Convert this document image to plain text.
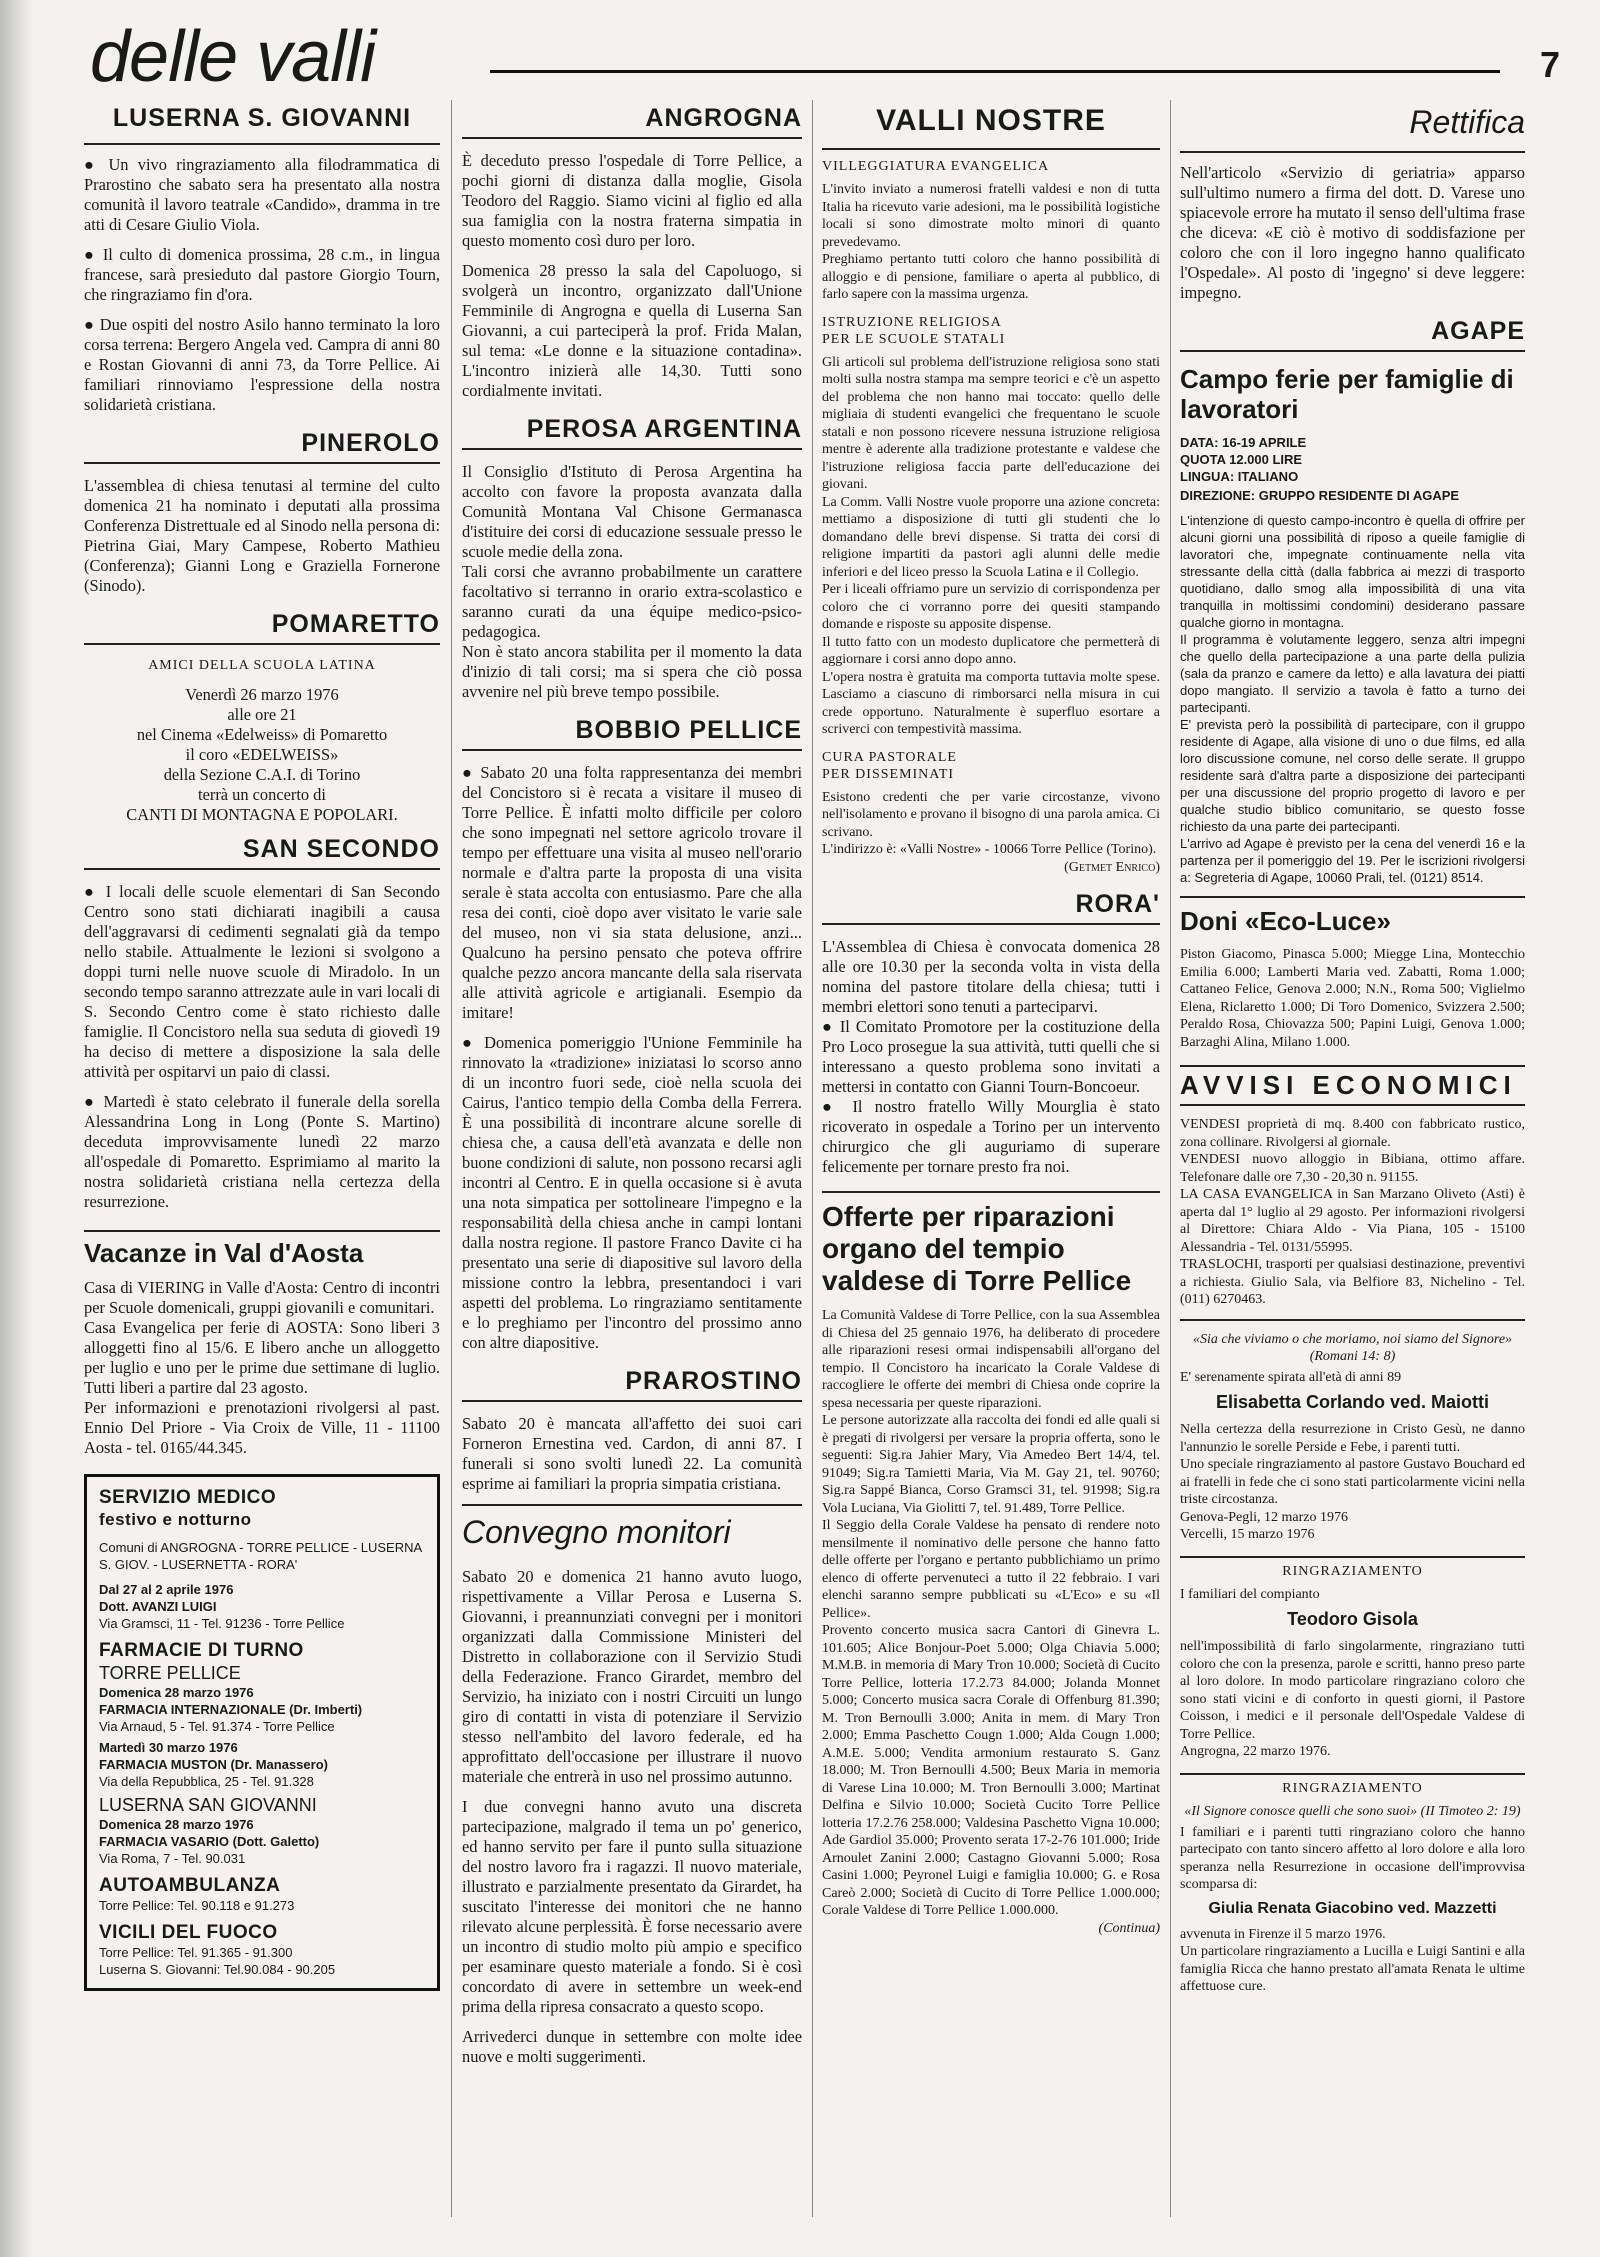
delle valli	7
LUSERNA S. GIOVANNI

● Un vivo ringraziamento alla filodrammatica di Prarostino che sabato sera ha presentato alla nostra comunità il lavoro teatrale «Candido», dramma in tre atti di Cesare Giulio Viola.

● Il culto di domenica prossima, 28 c.m., in lingua francese, sarà presieduto dal pastore Giorgio Tourn, che ringraziamo fin d'ora.

● Due ospiti del nostro Asilo hanno terminato la loro corsa terrena: Bergero Angela ved. Campra di anni 80 e Rostan Giovanni di anni 73, da Torre Pellice. Ai familiari rinnoviamo l'espressione della nostra solidarietà cristiana.

PINEROLO

L'assemblea di chiesa tenutasi al termine del culto domenica 21 ha nominato i deputati alla prossima Conferenza Distrettuale ed al Sinodo nella persona di: Pietrina Giai, Mary Campese, Roberto Mathieu (Conferenza); Gianni Long e Graziella Fornerone (Sinodo).

POMARETTO

AMICI DELLA SCUOLA LATINA

Venerdì 26 marzo 1976

alle ore 21

nel Cinema «Edelweiss» di Pomaretto

il coro «EDELWEISS»

della Sezione C.A.I. di Torino

terrà un concerto di

CANTI DI MONTAGNA E POPOLARI.

SAN SECONDO

● I locali delle scuole elementari di San Secondo Centro sono stati dichiarati inagibili a causa dell'aggravarsi di cedimenti segnalati già da tempo nello stabile. Attualmente le lezioni si svolgono a doppi turni nelle nuove scuole di Miradolo. In un secondo tempo saranno attrezzate aule in vari locali di S. Secondo Centro come è stato richiesto dalle famiglie. Il Concistoro nella sua seduta di giovedì 19 ha deciso di mettere a disposizione la sala delle attività per ospitarvi un paio di classi.

● Martedì è stato celebrato il funerale della sorella Alessandrina Long in Long (Ponte S. Martino) deceduta improvvisamente lunedì 22 marzo all'ospedale di Pomaretto. Esprimiamo al marito la nostra solidarietà cristiana nella certezza della resurrezione.

Vacanze in Val d'Aosta

Casa di VIERING in Valle d'Aosta: Centro di incontri per Scuole domenicali, gruppi giovanili e comunitari.

Casa Evangelica per ferie di AOSTA: Sono liberi 3 alloggetti fino al 15/6. E libero anche un alloggetto per luglio e uno per le prime due settimane di luglio. Tutti liberi a partire dal 23 agosto.

Per informazioni e prenotazioni rivolgersi al past. Ennio Del Priore - Via Croix de Ville, 11 - 11100 Aosta - tel. 0165/44.345.

SERVIZIO MEDICO
festivo e notturno
Comuni di ANGROGNA - TORRE PELLICE - LUSERNA S. GIOV. - LUSERNETTA - RORA'
Dal 27 al 2 aprile 1976
Dott. AVANZI LUIGI
Via Gramsci, 11 - Tel. 91236 - Torre Pellice
FARMACIE DI TURNO
TORRE PELLICE
Domenica 28 marzo 1976
FARMACIA INTERNAZIONALE (Dr. Imberti)
Via Arnaud, 5 - Tel. 91.374 - Torre Pellice
Martedì 30 marzo 1976
FARMACIA MUSTON (Dr. Manassero)
Via della Repubblica, 25 - Tel. 91.328
LUSERNA SAN GIOVANNI
Domenica 28 marzo 1976
FARMACIA VASARIO (Dott. Galetto)
Via Roma, 7 - Tel. 90.031
AUTOAMBULANZA
Torre Pellice: Tel. 90.118 e 91.273
VICILI DEL FUOCO
Torre Pellice: Tel. 91.365 - 91.300
Luserna S. Giovanni: Tel.90.084 - 90.205
ANGROGNA

È deceduto presso l'ospedale di Torre Pellice, a pochi giorni di distanza dalla moglie, Gisola Teodoro del Raggio. Siamo vicini al figlio ed alla sua famiglia con la nostra fraterna simpatia in questo momento così duro per loro.

Domenica 28 presso la sala del Capoluogo, si svolgerà un incontro, organizzato dall'Unione Femminile di Angrogna e quella di Luserna San Giovanni, a cui parteciperà la prof. Frida Malan, sul tema: «Le donne e la situazione contadina». L'incontro inizierà alle 14,30. Tutti sono cordialmente invitati.

PEROSA ARGENTINA

Il Consiglio d'Istituto di Perosa Argentina ha accolto con favore la proposta avanzata dalla Comunità Montana Val Chisone Germanasca d'istituire dei corsi di educazione sessuale presso le scuole medie della zona.

Tali corsi che avranno probabilmente un carattere facoltativo si terranno in orario extra-scolastico e saranno curati da una équipe medico-psico-pedagogica.

Non è stato ancora stabilita per il momento la data d'inizio di tali corsi; ma si spera che ciò possa avvenire nel più breve tempo possibile.

BOBBIO PELLICE

● Sabato 20 una folta rappresentanza dei membri del Concistoro si è recata a visitare il museo di Torre Pellice. È infatti molto difficile per coloro che sono impegnati nel settore agricolo trovare il tempo per effettuare una visita al museo nell'orario normale e d'altra parte la proposta di una visita serale è stata accolta con entusiasmo. Pare che alla resa dei conti, cioè dopo aver visitato le varie sale del museo, non vi sia stata delusione, anzi... Qualcuno ha persino pensato che poteva offrire qualche pezzo ancora mancante della sala riservata alle attività agricole e artigianali. Esempio da imitare!

● Domenica pomeriggio l'Unione Femminile ha rinnovato la «tradizione» iniziatasi lo scorso anno di un incontro fuori sede, cioè nella scuola dei Cairus, l'antico tempio della Comba della Ferrera. È una possibilità di incontrare alcune sorelle di chiesa che, a causa dell'età avanzata e delle non buone condizioni di salute, non possono recarsi agli incontri al Centro. E in quella occasione si è avuta una nota simpatica per sottolineare l'impegno e la responsabilità della chiesa anche in campi lontani dalla nostra regione. Il pastore Franco Davite ci ha presentato una serie di diapositive sul lavoro della missione contro la lebbra, presentandoci i vari aspetti del problema. Lo ringraziamo sentitamente e lo preghiamo per l'incontro del prossimo anno con altre diapositive.

PRAROSTINO

Sabato 20 è mancata all'affetto dei suoi cari Forneron Ernestina ved. Cardon, di anni 87. I funerali si sono svolti lunedì 22. La comunità esprime ai familiari la propria simpatia cristiana.

Convegno monitori

Sabato 20 e domenica 21 hanno avuto luogo, rispettivamente a Villar Perosa e Luserna S. Giovanni, i preannunziati convegni per i monitori organizzati dalla Commissione Ministeri del Distretto in collaborazione con il Servizio Studi della Federazione. Franco Girardet, membro del Servizio, ha iniziato con i nostri Circuiti un lungo giro di contatti in vista di potenziare il Servizio stesso nell'ambito del lavoro federale, ed ha approfittato dell'occasione per illustrare il nuovo materiale che entrerà in uso nel prossimo autunno.

I due convegni hanno avuto una discreta partecipazione, malgrado il tema un po' generico, ed hanno servito per fare il punto sulla situazione del nostro lavoro fra i ragazzi. Il nuovo materiale, illustrato e parzialmente presentato da Girardet, ha suscitato l'interesse dei monitori che ne hanno rilevato alcune perplessità. È forse necessario avere un incontro di studio molto più ampio e specifico per esaminare questo materiale a fondo. Si è così concordato di avere in settembre un week-end prima della ripresa consacrato a questo scopo.

Arrivederci dunque in settembre con molte idee nuove e molti suggerimenti.

VALLI NOSTRE
VILLEGGIATURA EVANGELICA

L'invito inviato a numerosi fratelli valdesi e non di tutta Italia ha ricevuto varie adesioni, ma le possibilità logistiche locali si sono dimostrate molto minori di quanto prevedevamo.

Preghiamo pertanto tutti coloro che hanno possibilità di alloggio e di pensione, familiare o aperta al pubblico, di farlo sapere con la massima urgenza.

ISTRUZIONE RELIGIOSA
PER LE SCUOLE STATALI

Gli articoli sul problema dell'istruzione religiosa sono stati molti sulla nostra stampa ma sempre teorici e c'è un aspetto del problema che non hanno mai toccato: quello delle migliaia di studenti evangelici che frequentano le scuole statali e non possono ricevere nessuna istruzione religiosa mentre è aderente alla tradizione protestante e valdese che l'istruzione religiosa faccia parte dell'educazione dei giovani.

La Comm. Valli Nostre vuole proporre una azione concreta: mettiamo a disposizione di tutti gli studenti che lo domandano delle brevi dispense. Si tratta dei corsi di religione impartiti da pastori agli alunni delle medie inferiori e del liceo presso la Scuola Latina e il Collegio.

Per i liceali offriamo pure un servizio di corrispondenza per coloro che ci vorranno porre dei quesiti stampando domande e risposte su apposite dispense.

Il tutto fatto con un modesto duplicatore che permetterà di aggiornare i corsi anno dopo anno.

L'opera nostra è gratuita ma comporta tuttavia molte spese. Lasciamo a ciascuno di rimborsarci nella misura in cui crede opportuno. Naturalmente è superfluo esortare a scriverci con tempestività massima.

CURA PASTORALE
PER DISSEMINATI

Esistono credenti che per varie circostanze, vivono nell'isolamento e provano il bisogno di una parola amica. Ci scrivano.

L'indirizzo è: «Valli Nostre» - 10066 Torre Pellice (Torino).

(Getmet Enrico)

RORA'

L'Assemblea di Chiesa è convocata domenica 28 alle ore 10.30 per la seconda volta in vista della nomina del pastore titolare della chiesa; tutti i membri elettori sono tenuti a parteciparvi.

● Il Comitato Promotore per la costituzione della Pro Loco prosegue la sua attività, tutti quelli che si interessano a questo problema sono invitati a mettersi in contatto con Gianni Tourn-Boncoeur.

● Il nostro fratello Willy Mourglia è stato ricoverato in ospedale a Torino per un intervento chirurgico che gli auguriamo di superare felicemente per tornare presto fra noi.

Offerte per riparazioni organo del tempio valdese di Torre Pellice

La Comunità Valdese di Torre Pellice, con la sua Assemblea di Chiesa del 25 gennaio 1976, ha deliberato di procedere alle riparazioni resesi ormai indispensabili all'organo del tempio. Il Concistoro ha incaricato la Corale Valdese di raccogliere le offerte dei membri di Chiesa onde coprire la spesa necessaria per queste riparazioni.

Le persone autorizzate alla raccolta dei fondi ed alle quali si è pregati di rivolgersi per versare la propria offerta, sono le seguenti: Sig.ra Jahier Mary, Via Amedeo Bert 14/4, tel. 91049; Sig.ra Tamietti Maria, Via M. Gay 21, tel. 90760; Sig.ra Sappé Bianca, Corso Gramsci 31, tel. 91998; Sig.ra Vola Luciana, Via Giolitti 7, tel. 91.489, Torre Pellice.

Il Seggio della Corale Valdese ha pensato di rendere noto mensilmente il nominativo delle persone che hanno fatto delle offerte per l'organo e pertanto pubblichiamo un primo elenco di offerte pervenuteci a tutto il 22 febbraio. I vari elenchi saranno sempre pubblicati su «L'Eco» e su «Il Pellice».

Provento concerto musica sacra Cantori di Ginevra L. 101.605; Alice Bonjour-Poet 5.000; Olga Chiavia 5.000; M.M.B. in memoria di Mary Tron 10.000; Società di Cucito Torre Pellice, lotteria 17.2.73 84.000; Jolanda Monnet 5.000; Concerto musica sacra Corale di Offenburg 81.390; M. Tron Bernoulli 3.000; Anita in mem. di Mary Tron 2.000; Emma Paschetto Cougn 1.000; Alda Cougn 1.000; A.M.E. 5.000; Vendita armonium restaurato S. Ganz 18.000; M. Tron Bernoulli 4.500; Beux Maria in memoria di Varese Lina 10.000; M. Tron Bernoulli 3.000; Martinat Delfina e Silvio 10.000; Società Cucito Torre Pellice lotteria 17.2.76 258.000; Valdesina Paschetto Vigna 10.000; Ade Gardiol 35.000; Provento serata 17-2-76 101.000; Iride Arnoulet Zanini 2.000; Castagno Giovanni 5.000; Rosa Casini 1.000; Peyronel Luigi e famiglia 10.000; G. e Rosa Careò 2.000; Società di Cucito di Torre Pellice 1.000.000; Corale Valdese di Torre Pellice 1.000.000.

(Continua)

Rettifica

Nell'articolo «Servizio di geriatria» apparso sull'ultimo numero a firma del dott. D. Varese uno spiacevole errore ha mutato il senso dell'ultima frase che diceva: «E ciò è motivo di soddisfazione per coloro che con il loro ingegno hanno qualificato l'Ospedale». Al posto di 'ingegno' si deve leggere: impegno.

AGAPE
Campo ferie per famiglie di lavoratori
DATA: 16-19 APRILE
QUOTA 12.000 LIRE
LINGUA: ITALIANO
DIREZIONE: GRUPPO RESIDENTE DI AGAPE

L'intenzione di questo campo-incontro è quella di offrire per alcuni giorni una possibilità di riposo a queile famiglie di lavoratori che, impegnate continuamente nella vita stressante della città (dalla fabbrica ai mezzi di trasporto quotidiano, dallo smog alla impossibilità di una vita tranquilla in moltissimi condomini) desiderano passare qualche giorno in montagna.

Il programma è volutamente leggero, senza altri impegni che quello della partecipazione a una parte della pulizia (sala da pranzo e camere da letto) e alla lavatura dei piatti dopo mangiato. Il servizio a tavola è fatto a turno dei partecipanti.

E' prevista però la possibilità di partecipare, con il gruppo residente di Agape, alla visione di uno o due films, ed alla loro discussione comune, nel corso delle serate. Il gruppo residente sarà d'altra parte a disposizione dei partecipanti per una discussione del proprio progetto di lavoro e per qualche studio biblico comunitario, se questo fosse richiesto da una parte dei partecipanti.

L'arrivo ad Agape è previsto per la cena del venerdì 16 e la partenza per il pomeriggio del 19. Per le iscrizioni rivolgersi a: Segreteria di Agape, 10060 Prali, tel. (0121) 8514.

Doni «Eco-Luce»

Piston Giacomo, Pinasca 5.000; Miegge Lina, Montecchio Emilia 6.000; Lamberti Maria ved. Zabatti, Roma 1.000; Cattaneo Felice, Genova 2.000; N.N., Roma 500; Viglielmo Elena, Riclaretto 1.000; Di Toro Domenico, Svizzera 2.500; Peraldo Rosa, Chiovazza 500; Papini Luigi, Genova 1.000; Barzaghi Alina, Milano 1.000.

AVVISI ECONOMICI

VENDESI proprietà di mq. 8.400 con fabbricato rustico, zona collinare. Rivolgersi al giornale.

VENDESI nuovo alloggio in Bibiana, ottimo affare. Telefonare dalle ore 7,30 - 20,30 n. 91155.

LA CASA EVANGELICA in San Marzano Oliveto (Asti) è aperta dal 1° luglio al 29 agosto. Per informazioni rivolgersi al Direttore: Chiara Aldo - Via Piana, 105 - 15100 Alessandria - Tel. 0131/55995.

TRASLOCHI, trasporti per qualsiasi destinazione, preventivi a richiesta. Giulio Sala, via Belfiore 83, Nichelino - Tel. (011) 6270463.

«Sia che viviamo o che moriamo, noi siamo del Signore» (Romani 14: 8)

E' serenamente spirata all'età di anni 89

Elisabetta Corlando ved. Maiotti

Nella certezza della resurrezione in Cristo Gesù, ne danno l'annunzio le sorelle Perside e Febe, i parenti tutti.

Uno speciale ringraziamento al pastore Gustavo Bouchard ed ai fratelli in fede che ci sono stati particolarmente vicini nella triste circostanza.

Genova-Pegli, 12 marzo 1976

Vercelli, 15 marzo 1976

RINGRAZIAMENTO

I familiari del compianto

Teodoro Gisola

nell'impossibilità di farlo singolarmente, ringraziano tutti coloro che con la presenza, parole e scritti, hanno preso parte al loro dolore. In modo particolare ringraziano coloro che sono stati vicini e di conforto in questi giorni, il Pastore Coisson, i medici e il personale dell'Ospedale Valdese di Torre Pellice.

Angrogna, 22 marzo 1976.

RINGRAZIAMENTO
«Il Signore conosce quelli che sono suoi» (II Timoteo 2: 19)

I familiari e i parenti tutti ringraziano coloro che hanno partecipato con tanto sincero affetto al loro dolore e alla loro speranza nella Resurrezione in occasione dell'improvvisa scomparsa di:

Giulia Renata Giacobino ved. Mazzetti

avvenuta in Firenze il 5 marzo 1976.

Un particolare ringraziamento a Lucilla e Luigi Santini e alla famiglia Ricca che hanno prestato all'amata Renata le ultime affettuose cure.
